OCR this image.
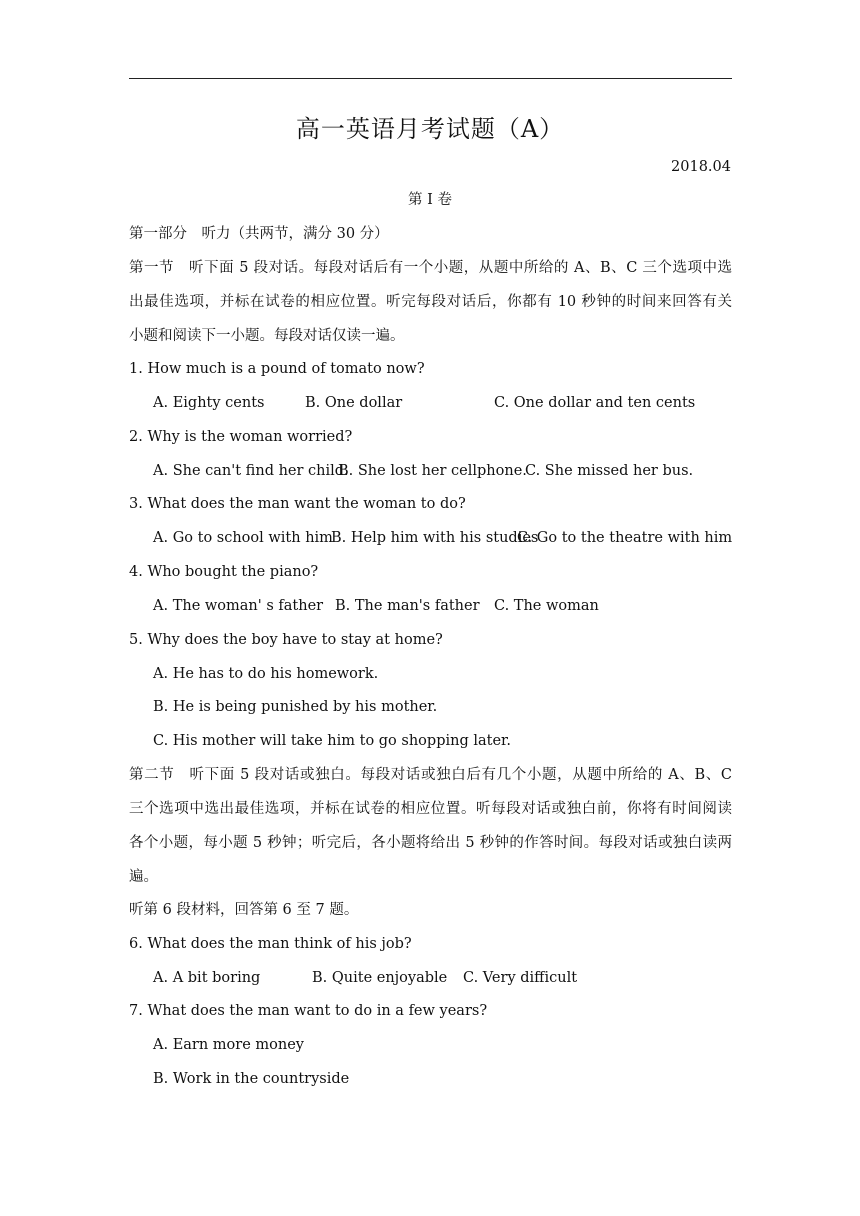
高一英语月考试题（A）
2018.04
第 I 卷
第一部分　听力（共两节，满分 30 分）
第一节　听下面 5 段对话。每段对话后有一个小题，从题中所给的 A、B、C 三个选项中选
出最佳选项，并标在试卷的相应位置。听完每段对话后，你都有 10 秒钟的时间来回答有关
小题和阅读下一小题。每段对话仅读一遍。
1. How much is a pound of tomato now?
A. Eighty cents	B. One dollar	C. One dollar and ten cents
2. Why is the woman worried?
A. She can't find her child.
B. She lost her cellphone.
C. She missed her bus.
3. What does the man want the woman to do?
A. Go to school with him
B. Help him with his studies
C. Go to the theatre with him
4. Who bought the piano?
A. The woman' s father B. The man's father C. The woman
5. Why does the boy have to stay at home?
A. He has to do his homework.
B. He is being punished by his mother.
C. His mother will take him to go shopping later.
第二节　听下面 5 段对话或独白。每段对话或独白后有几个小题，从题中所给的 A、B、C
三个选项中选出最佳选项，并标在试卷的相应位置。听每段对话或独白前，你将有时间阅读
各个小题，每小题 5 秒钟；听完后，各小题将给出 5 秒钟的作答时间。每段对话或独白读两
遍。
听第 6 段材料，回答第 6 至 7 题。
6. What does the man think of his job?
A. A bit boring	B. Quite enjoyable C. Very difficult
7. What does the man want to do in a few years?
A. Earn more money
B. Work in the countryside
